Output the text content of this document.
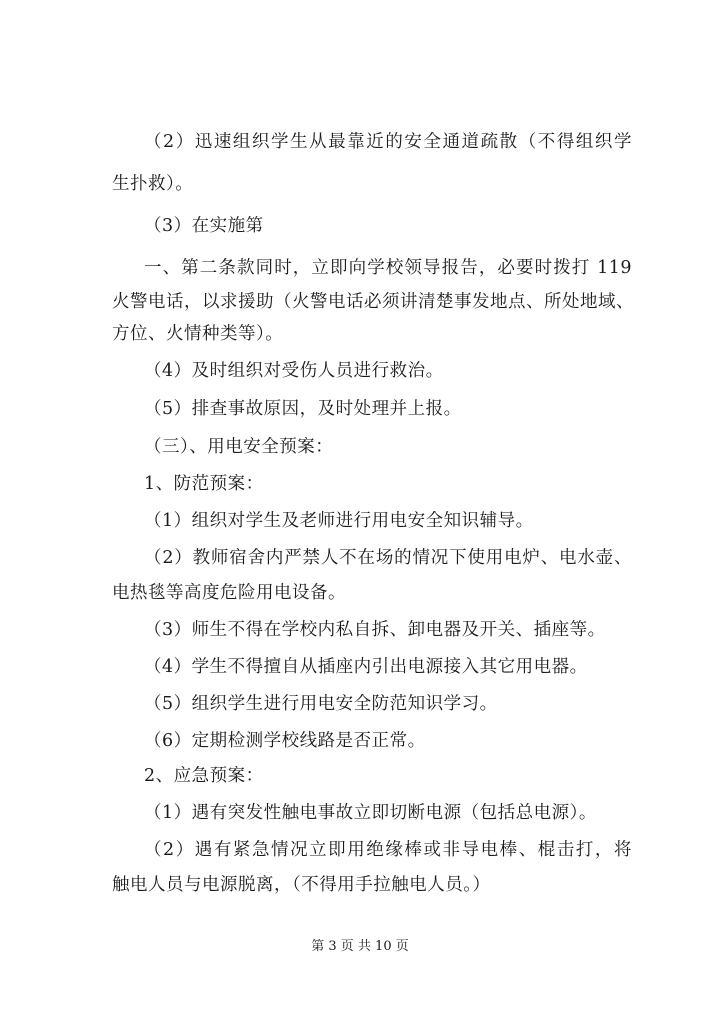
（2）迅速组织学生从最靠近的安全通道疏散（不得组织学
生扑救）。
（3）在实施第
一、第二条款同时，立即向学校领导报告，必要时拨打 119
火警电话，以求援助（火警电话必须讲清楚事发地点、所处地域、
方位、火情种类等）。
（4）及时组织对受伤人员进行救治。
（5）排查事故原因，及时处理并上报。
（三）、用电安全预案：
1、防范预案：
（1）组织对学生及老师进行用电安全知识辅导。
（2）教师宿舍内严禁人不在场的情况下使用电炉、电水壶、
电热毯等高度危险用电设备。
（3）师生不得在学校内私自拆、卸电器及开关、插座等。
（4）学生不得擅自从插座内引出电源接入其它用电器。
（5）组织学生进行用电安全防范知识学习。
（6）定期检测学校线路是否正常。
2、应急预案：
（1）遇有突发性触电事故立即切断电源（包括总电源）。
（2）遇有紧急情况立即用绝缘棒或非导电棒、棍击打，将
触电人员与电源脱离，（不得用手拉触电人员。）
第 3 页 共 10 页
